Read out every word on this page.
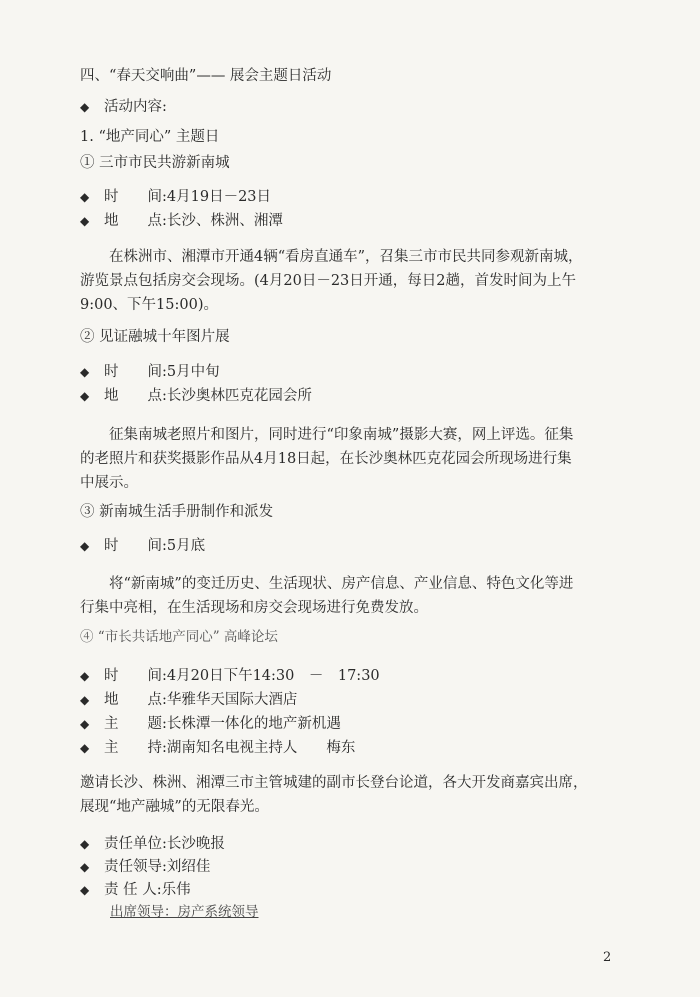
四、“春天交响曲”—— 展会主题日活动
◆ 活动内容:
1. “地产同心” 主题日
① 三市市民共游新南城
◆ 时　　间:4月19日－23日
◆ 地　　点:长沙、株洲、湘潭
在株洲市、湘潭市开通4辆“看房直通车”，召集三市市民共同参观新南城，
游览景点包括房交会现场。(4月20日－23日开通，每日2趟，首发时间为上午
9:00、下午15:00)。
② 见证融城十年图片展
◆ 时　　间:5月中旬
◆ 地　　点:长沙奥林匹克花园会所
征集南城老照片和图片，同时进行“印象南城”摄影大赛，网上评选。征集
的老照片和获奖摄影作品从4月18日起，在长沙奥林匹克花园会所现场进行集
中展示。
③ 新南城生活手册制作和派发
◆ 时　　间:5月底
将“新南城”的变迁历史、生活现状、房产信息、产业信息、特色文化等进
行集中亮相，在生活现场和房交会现场进行免费发放。
④ “市长共话地产同心” 高峰论坛
◆ 时　　间:4月20日下午14:30　－　17:30
◆ 地　　点:华雅华天国际大酒店
◆ 主　　题:长株潭一体化的地产新机遇
◆ 主　　持:湖南知名电视主持人　　梅东
邀请长沙、株洲、湘潭三市主管城建的副市长登台论道，各大开发商嘉宾出席，
展现“地产融城”的无限春光。
◆ 责任单位:长沙晚报
◆ 责任领导:刘绍佳
◆ 责 任 人:乐伟
出席领导：房产系统领导
2
